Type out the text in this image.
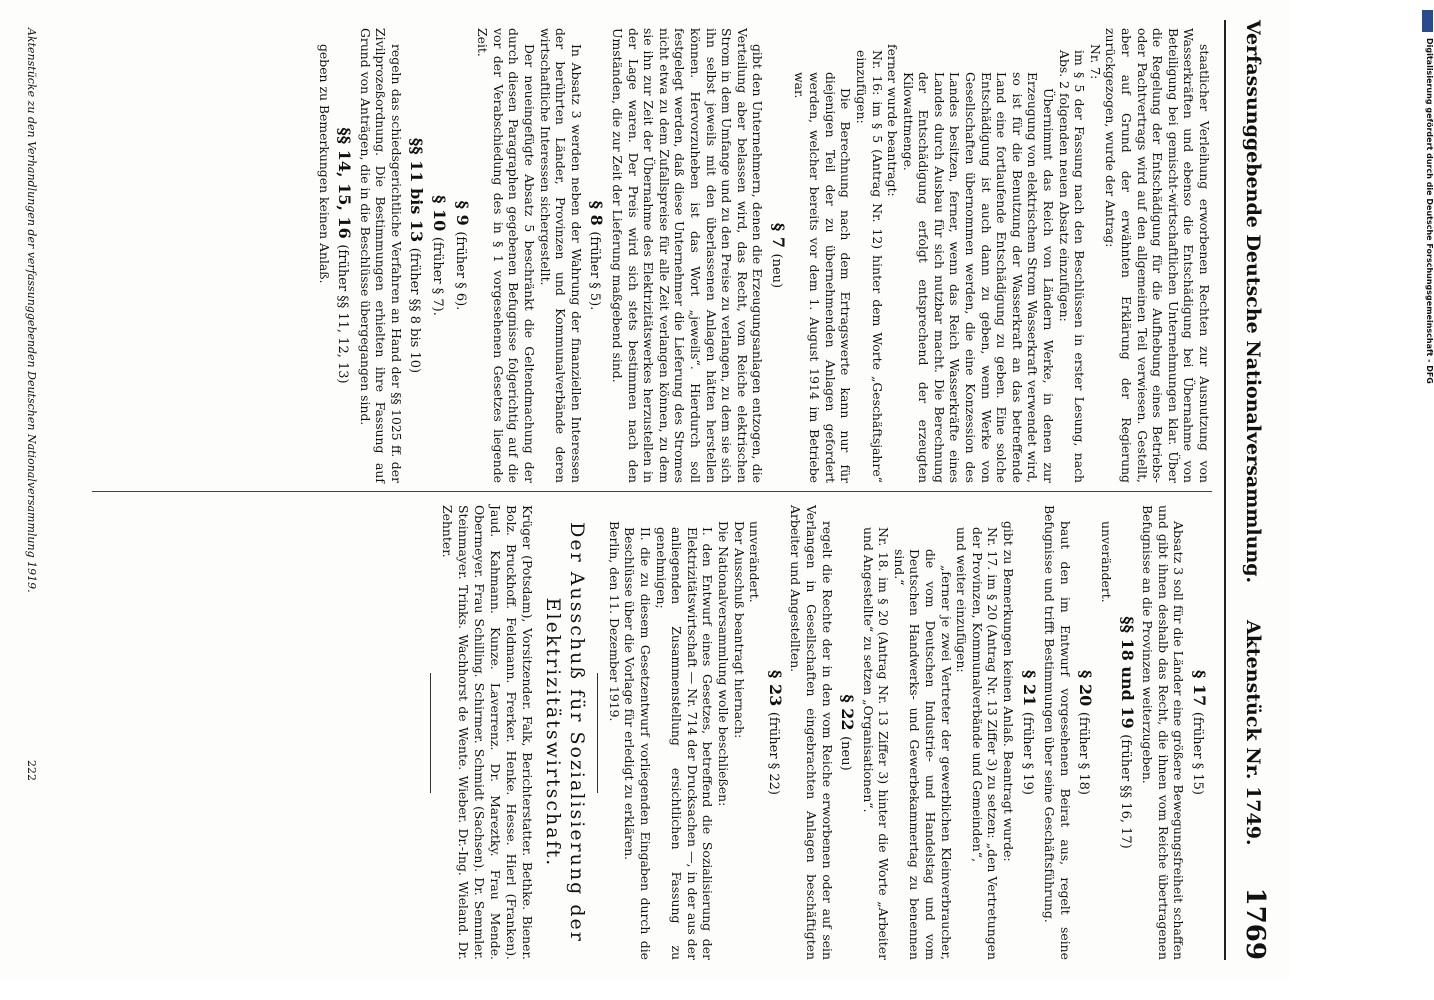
Verfassunggebende Deutsche Nationalversammlung.
Aktenstück Nr. 1749.
1769

staatlicher Verleihung erworbenen Rechten zur Ausnutzung von Wasserkräften und ebenso die Entschädigung bei Übernahme von Beteiligung bei gemischt-wirtschaftlichen Unternehmungen klar. Über die Regelung der Entschädigung für die Aufhebung eines Betriebs- oder Pachtvertrags wird auf den allgemeinen Teil verwiesen. Gestellt, aber auf Grund der erwähnten Erklärung der Regierung zurückgezogen, wurde der Antrag:

Nr. 7:

im § 5 der Fassung nach den Beschlüssen in erster Lesung, nach Abs. 2 folgenden neuen Absatz einzufügen:

Übernimmt das Reich von Ländern Werke, in denen zur Erzeugung von elektrischem Strom Wasserkraft verwendet wird, so ist für die Benutzung der Wasserkraft an das betreffende Land eine fortlaufende Entschädigung zu geben. Eine solche Entschädigung ist auch dann zu geben, wenn Werke von Gesellschaften übernommen werden, die eine Konzession des Landes besitzen, ferner, wenn das Reich Wasserkräfte eines Landes durch Ausbau für sich nutzbar macht. Die Berechnung der Entschädigung erfolgt entsprechend der erzeugten Kilowattmenge.

ferner wurde beantragt:

Nr. 16: im § 5 (Antrag Nr. 12) hinter dem Worte „Geschäftsjahre“ einzufügen:

Die Berechnung nach dem Ertragswerte kann nur für diejenigen Teil der zu übernehmenden Anlagen gefordert werden, welcher bereits vor dem 1. August 1914 im Betriebe war.

§ 7 (neu)

gibt den Unternehmern, denen die Erzeugungsanlagen entzogen, die Verteilung aber belassen wird, das Recht, vom Reiche elektrischen Strom in dem Umfange und zu den Preise zu verlangen, zu dem sie sich ihn selbst jeweils mit den überlassenen Anlagen hätten herstellen können. Hervorzuheben ist das Wort „jeweils“. Hierdurch soll festgelegt werden, daß diese Unternehmer die Lieferung des Stromes nicht etwa zu dem Zufallspreise für alle Zeit verlangen können, zu dem sie ihn zur Zeit der Übernahme des Elektrizitätswerkes herzustellen in der Lage waren. Der Preis wird sich stets bestimmen nach den Umständen, die zur Zeit der Lieferung maßgebend sind.

§ 8 (früher § 5).

In Absatz 3 werden neben der Wahrung der finanziellen Interessen der berührten Länder, Provinzen und Kommunalverbände deren wirtschaftliche Interessen sichergestellt.

Der neueingefügte Absatz 5 beschränkt die Geltendmachung der durch diesen Paragraphen gegebenen Befugnisse folgerichtig auf die vor der Verabschiedung des in § 1 vorgesehenen Gesetzes liegende Zeit.

§ 9 (früher § 6).

§ 10 (früher § 7).

§§ 11 bis 13 (früher §§ 8 bis 10)

regeln das schiedsgerichtliche Verfahren an Hand der §§ 1025 ff. der Zivilprozeßordnung. Die Bestimmungen erhielten ihre Fassung auf Grund von Anträgen, die in die Beschlüsse übergegangen sind.

§§ 14, 15, 16 (früher §§ 11, 12, 13)

geben zu Bemerkungen keinen Anlaß.

§ 17 (früher § 15)

Absatz 3 soll für die Länder eine größere Bewegungsfreiheit schaffen und gibt ihnen deshalb das Recht, die ihnen vom Reiche übertragenen Befugnisse an die Provinzen weiterzugeben.

§§ 18 und 19 (früher §§ 16, 17)

unverändert.

§ 20 (früher § 18)

baut den im Entwurf vorgesehenen Beirat aus, regelt seine Befugnisse und trifft Bestimmungen über seine Geschäftsführung.

§ 21 (früher § 19)

gibt zu Bemerkungen keinen Anlaß. Beantragt wurde:

Nr. 17. im § 20 (Antrag Nr. 13 Ziffer 3) zu setzen: „den Vertretungen der Provinzen, Kommunalverbände und Gemeinden“,

und weiter einzufügen:

„ferner je zwei Vertreter der gewerblichen Kleinverbraucher, die vom Deutschen Industrie- und Handelstag und vom Deutschen Handwerks- und Gewerbekammertag zu benennen sind.“

Nr. 18. im § 20 (Antrag Nr. 13 Ziffer 3) hinter die Worte „Arbeiter und Angestellte“ zu setzen „Organisationen“.

§ 22 (neu)

regelt die Rechte der in den vom Reiche erworbenen oder auf sein Verlangen in Gesellschaften eingebrachten Anlagen beschäftigten Arbeiter und Angestellten.

§ 23 (früher § 22)

unverändert.

Der Ausschuß beantragt hiernach:

Die Nationalversammlung wolle beschließen:

I. den Entwurf eines Gesetzes, betreffend die Sozialisierung der Elektrizitätswirtschaft — Nr. 714 der Drucksachen —, in der aus der anliegenden Zusammenstellung ersichtlichen Fassung zu genehmigen;

II. die zu diesem Gesetzentwurf vorliegenden Eingaben durch die Beschlüsse über die Vorlage für erledigt zu erklären.

Berlin, den 11. Dezember 1919.

Der Ausschuß für Sozialisierung der Elektrizitätswirtschaft.

Krüger (Potsdam), Vorsitzender. Falk, Berichterstatter. Bethke. Biener. Bolz. Bruckhoff. Feldmann. Frerker. Henke. Hesse. Hierl (Franken). Jaud. Kahmann. Kunze. Laverrenz. Dr. Mareztky. Frau Mende. Obermeyer. Frau Schilling. Schirmer. Schmidt (Sachsen). Dr. Semmler. Steinmayer. Trinks. Wachhorst de Wente. Wieber. Dr.-Ing. Wieland. Dr. Zehnter.

Aktenstücke zu den Verhandlungen der verfassunggebenden Deutschen Nationalversammlung 1919.
222
Digitalisierung gefördert durch die Deutsche Forschungsgemeinschaft - DFG
